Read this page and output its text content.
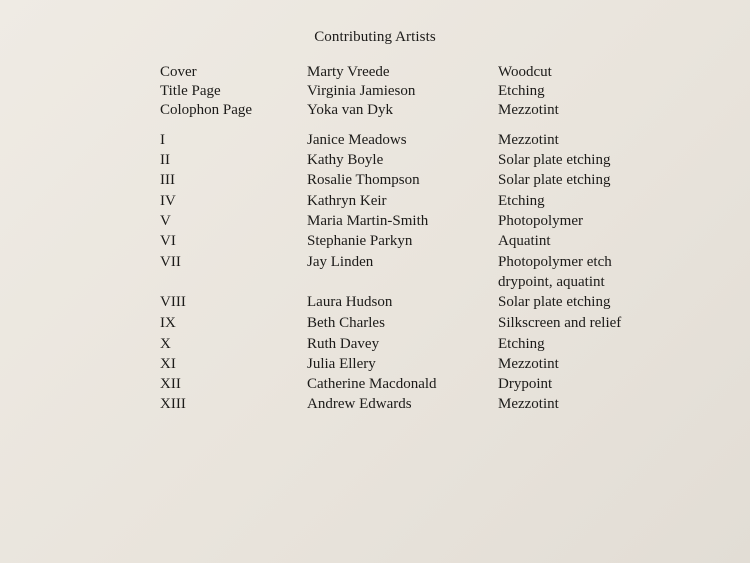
Contributing Artists
Cover	Marty Vreede	Woodcut
Title Page	Virginia Jamieson	Etching
Colophon Page	Yoka van Dyk	Mezzotint
I	Janice Meadows	Mezzotint
II	Kathy Boyle	Solar plate etching
III	Rosalie Thompson	Solar plate etching
IV	Kathryn Keir	Etching
V	Maria Martin-Smith	Photopolymer
VI	Stephanie Parkyn	Aquatint
VII	Jay Linden	Photopolymer etch
drypoint, aquatint
VIII	Laura Hudson	Solar plate etching
IX	Beth Charles	Silkscreen and relief
X	Ruth Davey	Etching
XI	Julia Ellery	Mezzotint
XII	Catherine Macdonald	Drypoint
XIII	Andrew Edwards	Mezzotint
